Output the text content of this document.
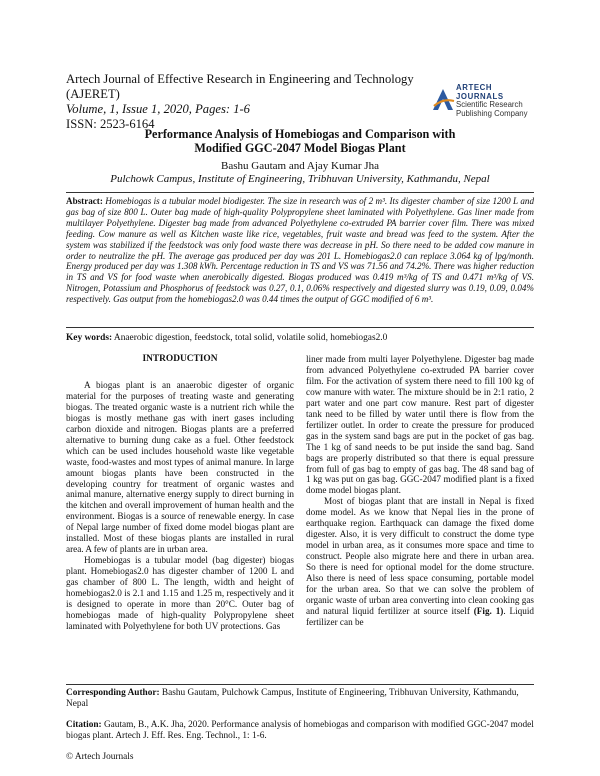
Artech Journal of Effective Research in Engineering and Technology (AJERET)
Volume, 1, Issue 1, 2020, Pages: 1-6
ISSN: 2523-6164
ARTECH JOURNALS
Scientific Research
Publishing Company
Performance Analysis of Homebiogas and Comparison with
Modified GGC-2047 Model Biogas Plant
Bashu Gautam and Ajay Kumar Jha
Pulchowk Campus, Institute of Engineering, Tribhuvan University, Kathmandu, Nepal
Abstract: Homebiogas is a tubular model biodigester. The size in research was of 2 m³. Its digester chamber of size 1200 L and gas bag of size 800 L. Outer bag made of high-quality Polypropylene sheet laminated with Polyethylene. Gas liner made from multilayer Polyethylene. Digester bag made from advanced Polyethylene co-extruded PA barrier cover film. There was mixed feeding. Cow manure as well as Kitchen waste like rice, vegetables, fruit waste and bread was feed to the system. After the system was stabilized if the feedstock was only food waste there was decrease in pH. So there need to be added cow manure in order to neutralize the pH. The average gas produced per day was 201 L. Homebiogas2.0 can replace 3.064 kg of lpg/month. Energy produced per day was 1.308 kWh. Percentage reduction in TS and VS was 71.56 and 74.2%. There was higher reduction in TS and VS for food waste when anerobically digested. Biogas produced was 0.419 m³/kg of TS and 0.471 m³/kg of VS. Nitrogen, Potassium and Phosphorus of feedstock was 0.27, 0.1, 0.06% respectively and digested slurry was 0.19, 0.09, 0.04% respectively. Gas output from the homebiogas2.0 was 0.44 times the output of GGC modified of 6 m³.
Key words: Anaerobic digestion, feedstock, total solid, volatile solid, homebiogas2.0
INTRODUCTION

A biogas plant is an anaerobic digester of organic material for the purposes of treating waste and generating biogas. The treated organic waste is a nutrient rich while the biogas is mostly methane gas with inert gases including carbon dioxide and nitrogen. Biogas plants are a preferred alternative to burning dung cake as a fuel. Other feedstock which can be used includes household waste like vegetable waste, food-wastes and most types of animal manure. In large amount biogas plants have been constructed in the developing country for treatment of organic wastes and animal manure, alternative energy supply to direct burning in the kitchen and overall improvement of human health and the environment. Biogas is a source of renewable energy. In case of Nepal large number of fixed dome model biogas plant are installed. Most of these biogas plants are installed in rural area. A few of plants are in urban area.

Homebiogas is a tubular model (bag digester) biogas plant. Homebiogas2.0 has digester chamber of 1200 L and gas chamber of 800 L. The length, width and height of homebiogas2.0 is 2.1 and 1.15 and 1.25 m, respectively and it is designed to operate in more than 20°C. Outer bag of homebiogas made of high-quality Polypropylene sheet laminated with Polyethylene for both UV protections. Gas

liner made from multi layer Polyethylene. Digester bag made from advanced Polyethylene co-extruded PA barrier cover film. For the activation of system there need to fill 100 kg of cow manure with water. The mixture should be in 2:1 ratio, 2 part water and one part cow manure. Rest part of digester tank need to be filled by water until there is flow from the fertilizer outlet. In order to create the pressure for produced gas in the system sand bags are put in the pocket of gas bag. The 1 kg of sand needs to be put inside the sand bag. Sand bags are properly distributed so that there is equal pressure from full of gas bag to empty of gas bag. The 48 sand bag of 1 kg was put on gas bag. GGC-2047 modified plant is a fixed dome model biogas plant.

Most of biogas plant that are install in Nepal is fixed dome model. As we know that Nepal lies in the prone of earthquake region. Earthquack can damage the fixed dome digester. Also, it is very difficult to construct the dome type model in urban area, as it consumes more space and time to construct. People also migrate here and there in urban area. So there is need for optional model for the dome structure. Also there is need of less space consuming, portable model for the urban area. So that we can solve the problem of organic waste of urban area converting into clean cooking gas and natural liquid fertilizer at source itself (Fig. 1). Liquid fertilizer can be

Corresponding Author: Bashu Gautam, Pulchowk Campus, Institute of Engineering, Tribhuvan University, Kathmandu, Nepal
Citation: Gautam, B., A.K. Jha, 2020. Performance analysis of homebiogas and comparison with modified GGC-2047 model biogas plant. Artech J. Eff. Res. Eng. Technol., 1: 1-6.
© Artech Journals
